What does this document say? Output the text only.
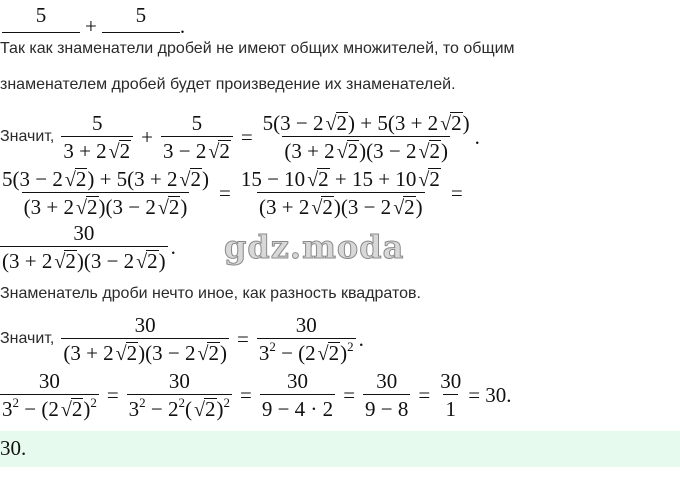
5	+	5	.
Так как знаменатели дробей не имеют общих множителей, то общим
знаменателем дробей будет произведение их знаменателей.
Значит, $\frac{5}{3 + 2 √2} + \frac{5}{3 - 2 √2} = \frac{5(3 - 2 √2) + 5(3 + 2 √2)}{(3 + 2 √2)(3 - 2 √2)}$ .
$\frac{5(3 - 2 √2) + 5(3 + 2 √2)}{(3 + 2 √2)(3 - 2 √2)} = \frac{15 - 10 √2 + 15 + 10 √2}{(3 + 2 √2)(3 - 2 √2)}$ =
$\frac{30}{(3 + 2 √2)(3 - 2 √2)}$ . gdz.moda
Знаменатель дроби нечто иное, как разность квадратов.
Значит, $\frac{30}{(3 + 2 √2)(3 - 2 √2)} = \frac{30}{3^2 - (2 √2)^2}$ .
$\frac{30}{3^2 - (2 √2)^2} = \frac{30}{3^2 - 2^2( √2)^2} = \frac{30}{9 - 4 \cdot 2} = \frac{30}{9 - 8} = \frac{30}{1} = 30$.
30.
